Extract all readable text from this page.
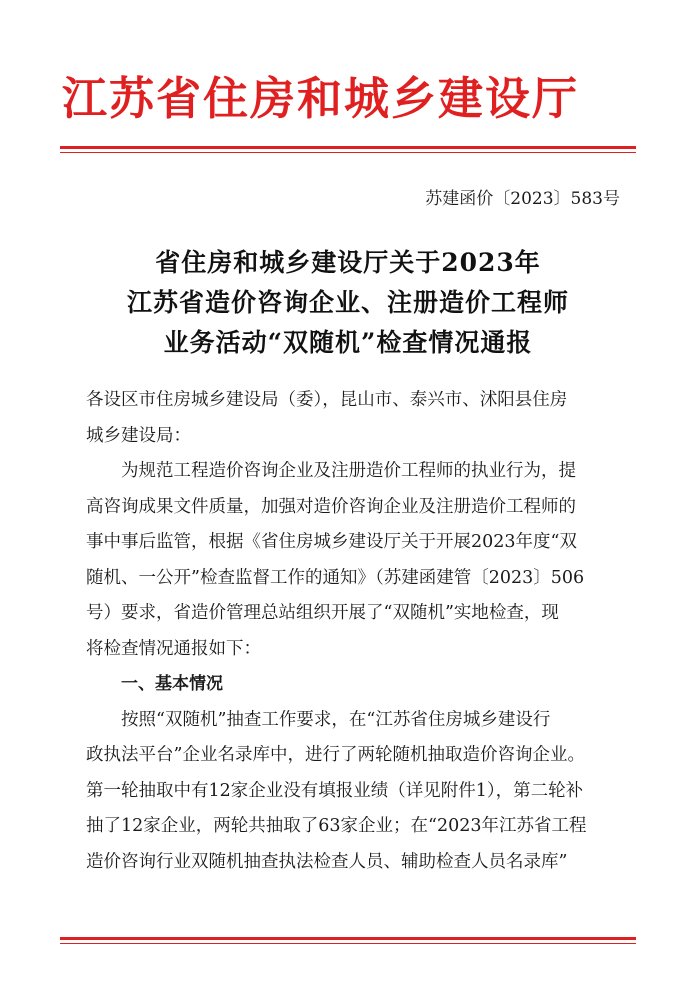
江苏省住房和城乡建设厅
苏建函价〔2023〕583号
省住房和城乡建设厅关于2023年
江苏省造价咨询企业、注册造价工程师
业务活动“双随机”检查情况通报
各设区市住房城乡建设局（委），昆山市、泰兴市、沭阳县住房
城乡建设局：
为规范工程造价咨询企业及注册造价工程师的执业行为，提
高咨询成果文件质量，加强对造价咨询企业及注册造价工程师的
事中事后监管，根据《省住房城乡建设厅关于开展2023年度“双
随机、一公开”检查监督工作的通知》（苏建函建管〔2023〕506
号）要求，省造价管理总站组织开展了“双随机”实地检查，现
将检查情况通报如下：
一、基本情况
按照“双随机”抽查工作要求，在“江苏省住房城乡建设行
政执法平台”企业名录库中，进行了两轮随机抽取造价咨询企业。
第一轮抽取中有12家企业没有填报业绩（详见附件1），第二轮补
抽了12家企业，两轮共抽取了63家企业；在“2023年江苏省工程
造价咨询行业双随机抽查执法检查人员、辅助检查人员名录库”
